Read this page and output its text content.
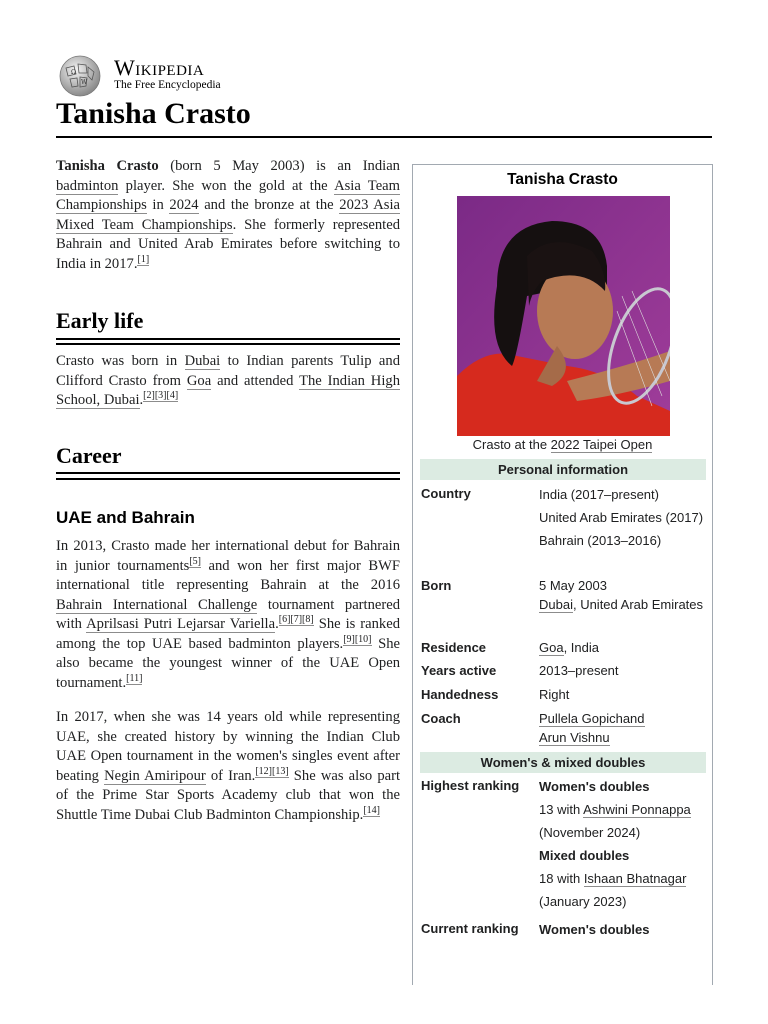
Ω
W
Wikipedia
The Free Encyclopedia
Tanisha Crasto

Tanisha Crasto (born 5 May 2003) is an Indian badminton player. She won the gold at the Asia Team Championships in 2024 and the bronze at the 2023 Asia Mixed Team Championships. She formerly represented Bahrain and United Arab Emirates before switching to India in 2017.[1]

Early life

Crasto was born in Dubai to Indian parents Tulip and Clifford Crasto from Goa and attended The Indian High School, Dubai.[2][3][4]

Career
UAE and Bahrain

In 2013, Crasto made her international debut for Bahrain in junior tournaments[5] and won her first major BWF international title representing Bahrain at the 2016 Bahrain International Challenge tournament partnered with Aprilsasi Putri Lejarsar Variella.[6][7][8] She is ranked among the top UAE based badminton players.[9][10] She also became the youngest winner of the UAE Open tournament.[11]

In 2017, when she was 14 years old while representing UAE, she created history by winning the Indian Club UAE Open tournament in the women's singles event after beating Negin Amiripour of Iran.[12][13] She was also part of the Prime Star Sports Academy club that won the Shuttle Time Dubai Club Badminton Championship.[14]

Tanisha Crasto
Crasto at the 2022 Taipei Open
Personal information
Country	India (2017–present)
United Arab Emirates (2017)
Bahrain (2013–2016)
Born	5 May 2003
Dubai, United Arab Emirates
Residence	Goa, India
Years active	2013–present
Handedness	Right
Coach	Pullela Gopichand
Arun Vishnu
Women's & mixed doubles
Highest ranking Women's doubles
13 with Ashwini Ponnappa
(November 2024)
Mixed doubles
18 with Ishaan Bhatnagar
(January 2023)
Current ranking Women's doubles
